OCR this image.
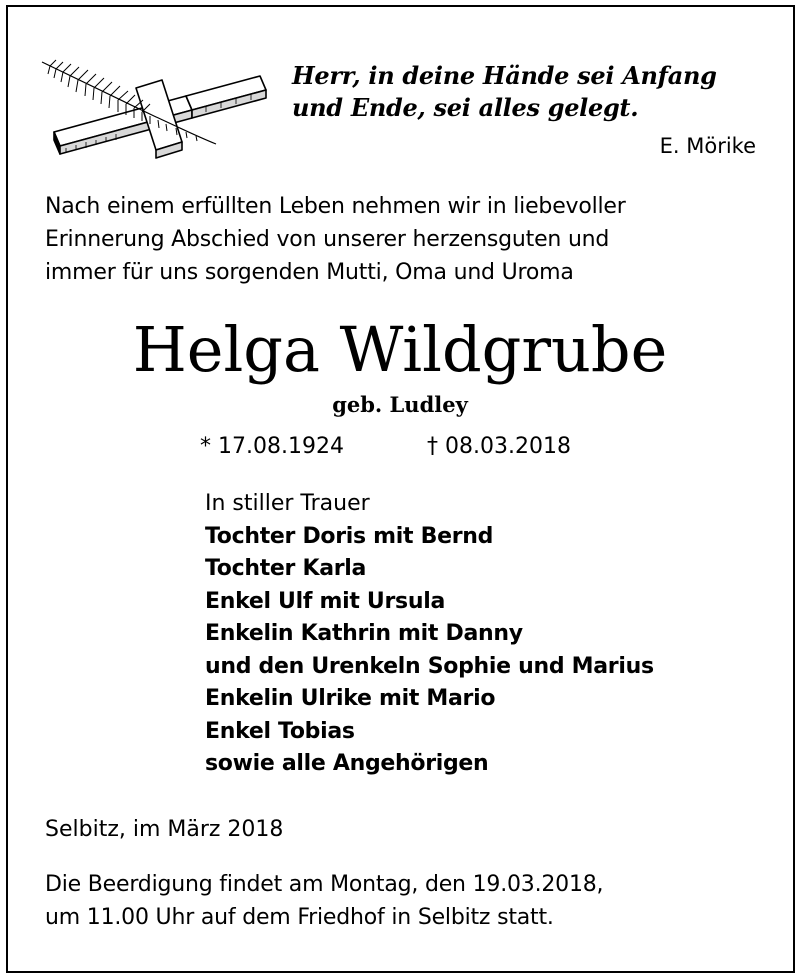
Herr, in deine Hände sei Anfang
und Ende, sei alles gelegt.
E. Mörike
Nach einem erfüllten Leben nehmen wir in liebevoller
Erinnerung Abschied von unserer herzensguten und
immer für uns sorgenden Mutti, Oma und Uroma
Helga Wildgrube
geb. Ludley
* 17.08.1924	† 08.03.2018
In stiller Trauer
Tochter Doris mit Bernd
Tochter Karla
Enkel Ulf mit Ursula
Enkelin Kathrin mit Danny
und den Urenkeln Sophie und Marius
Enkelin Ulrike mit Mario
Enkel Tobias
sowie alle Angehörigen
Selbitz, im März 2018
Die Beerdigung findet am Montag, den 19.03.2018,
um 11.00 Uhr auf dem Friedhof in Selbitz statt.
